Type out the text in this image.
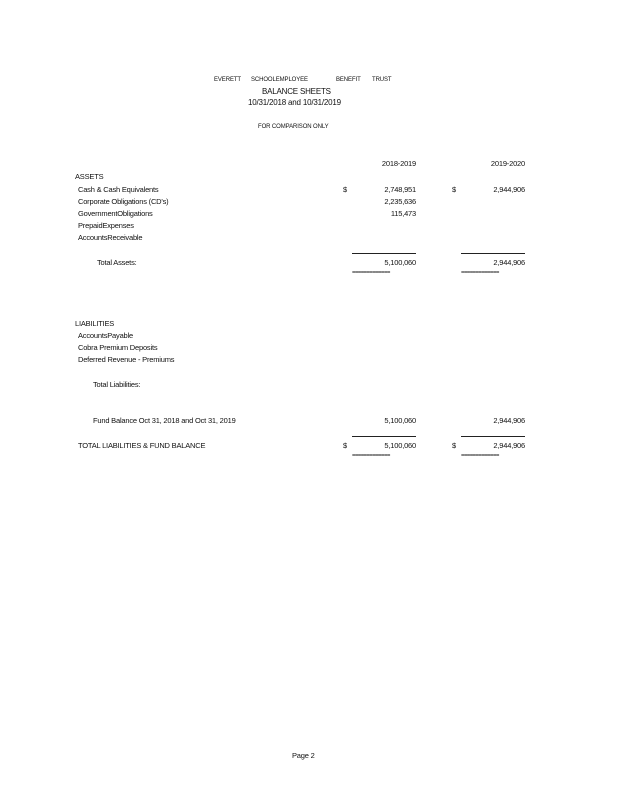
EVERETT SCHOOLEMPLOYEE	BENEFIT TRUST
BALANCE SHEETS
10/31/2018 and 10/31/2019
FOR COMPARISON ONLY
2018-2019	2019-2020
ASSETS
Cash & Cash Equivalents	$	2,748,951	$	2,944,906
Corporate Obligations (CD's)	2,235,636
GovernmentObligations	115,473
PrepaidExpenses
AccountsReceivable
Total Assets:	5,100,060	2,944,906
=============	=============
LIABILITIES
AccountsPayable
Cobra Premium Deposits
Deferred Revenue - Premiums
Total Liabilities:
Fund Balance Oct 31, 2018 and Oct 31, 2019	5,100,060	2,944,906
TOTAL LIABILITIES & FUND BALANCE	$	5,100,060	$	2,944,906
=============	=============
Page 2
